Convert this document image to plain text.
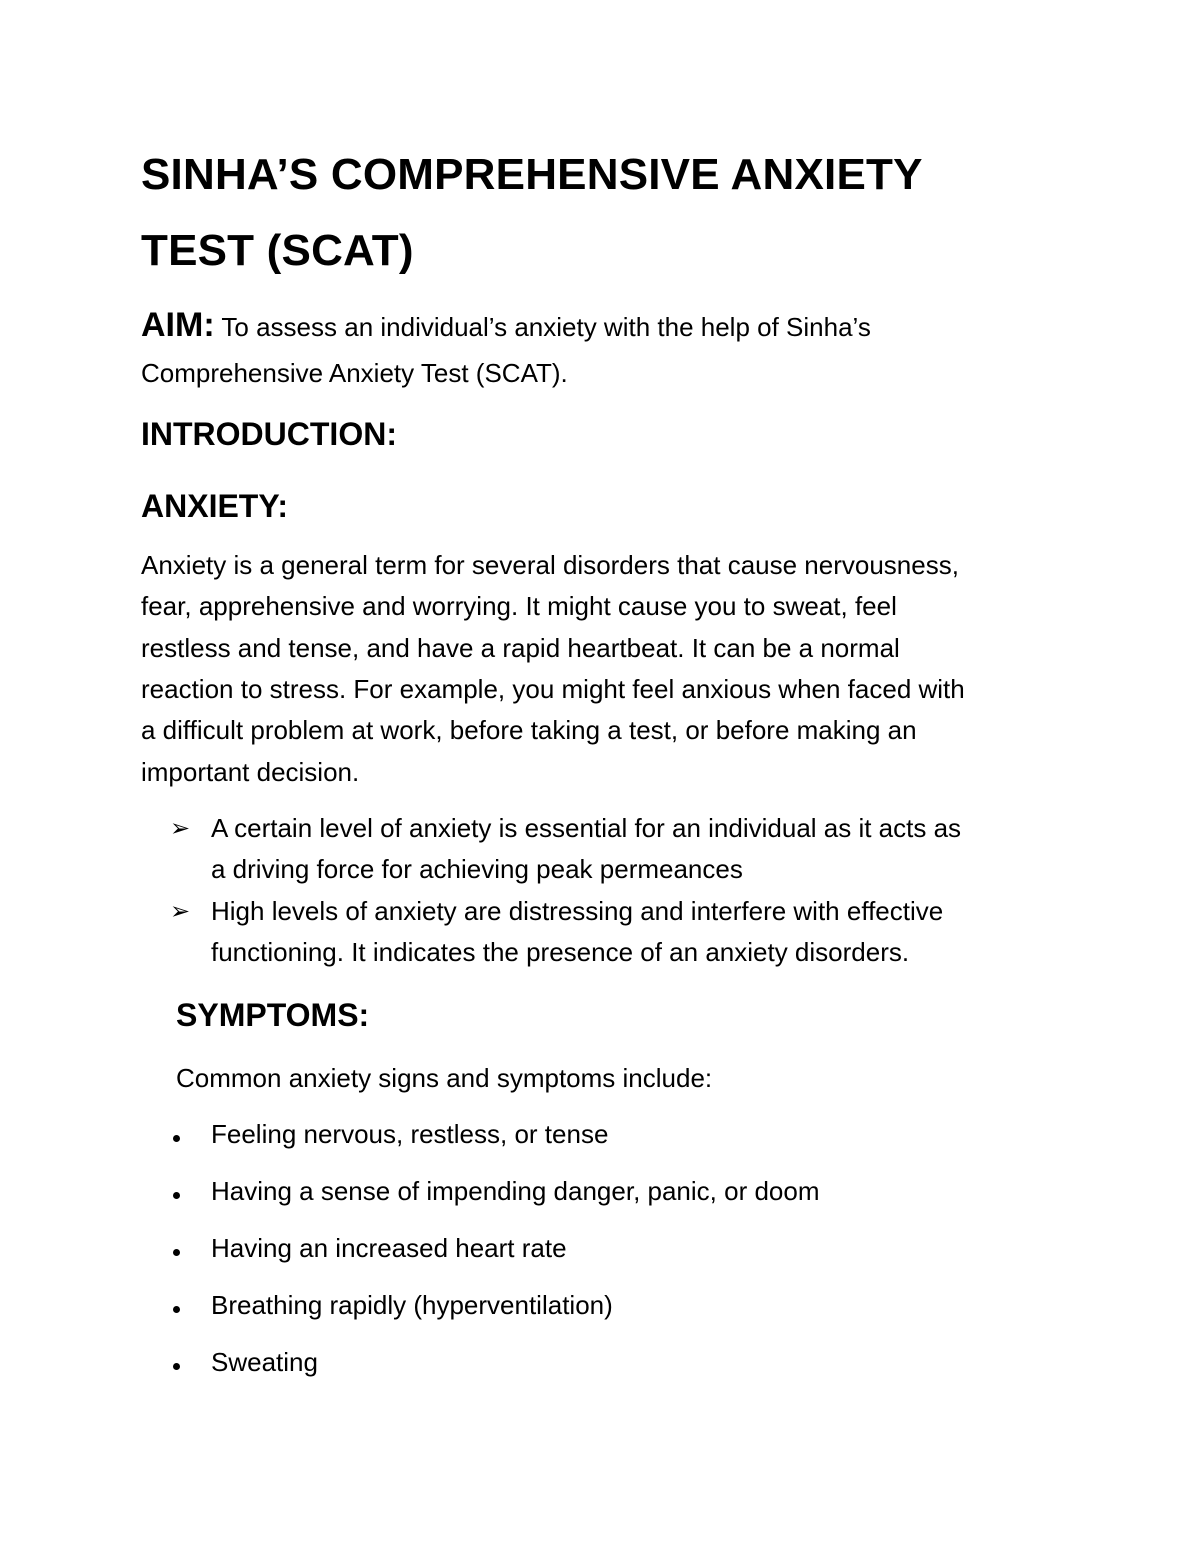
SINHA’S COMPREHENSIVE ANXIETY
TEST (SCAT)
AIM: To assess an individual’s anxiety with the help of Sinha’s
Comprehensive Anxiety Test (SCAT).
INTRODUCTION:
ANXIETY:
Anxiety is a general term for several disorders that cause nervousness,
fear, apprehensive and worrying. It might cause you to sweat, feel
restless and tense, and have a rapid heartbeat. It can be a normal
reaction to stress. For example, you might feel anxious when faced with
a difficult problem at work, before taking a test, or before making an
important decision.
➢ A certain level of anxiety is essential for an individual as it acts as
a driving force for achieving peak permeances
➢ High levels of anxiety are distressing and interfere with effective
functioning. It indicates the presence of an anxiety disorders.
SYMPTOMS:
Common anxiety signs and symptoms include:
Feeling nervous, restless, or tense
Having a sense of impending danger, panic, or doom
Having an increased heart rate
Breathing rapidly (hyperventilation)
Sweating
